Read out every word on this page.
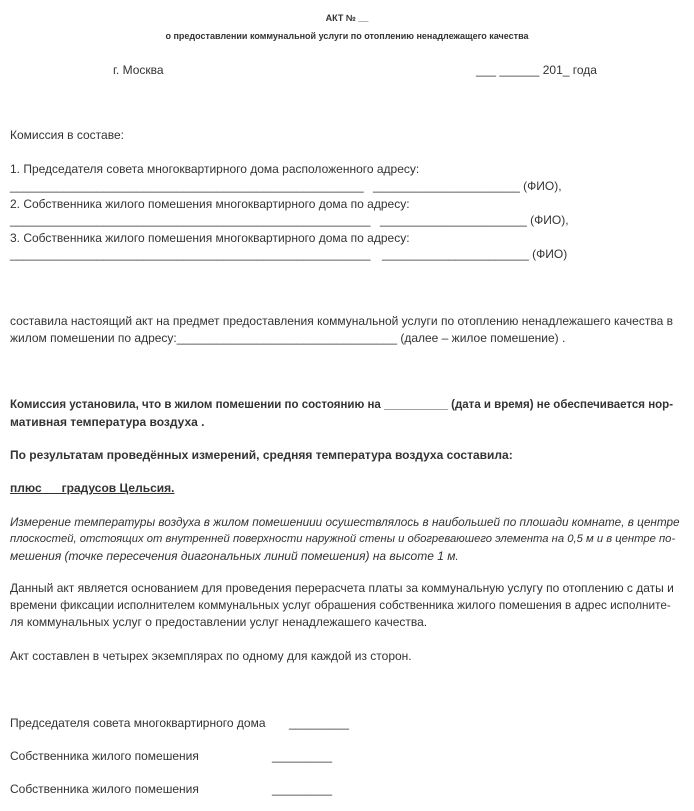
АКТ № __
о предоставлении коммунальной услуги по отоплению ненадлежащего качества
г. Москва	___ ______ 201_ года
Комиссия в составе:
1. Председателя совета многоквартирного дома расположенного адресу:
_____________________________________________________ ______________________ (ФИО),
2. Собственника жилого помешения многоквартирного дома по адресу:
______________________________________________________ ______________________ (ФИО),
3. Собственника жилого помешения многоквартирного дома по адресу:
______________________________________________________ ______________________ (ФИО)
составила настоящий акт на предмет предоставления коммунальной услуги по отоплению ненадлежашего качества в
жилом помешении по адресу:_________________________________ (далее – жилое помешение) .
Комиссия установила, что в жилом помешении по состоянию на __________ (дата и время) не обеспечивается нор-
мативная температура воздуха .
По результатам проведённых измерений, средняя температура воздуха составила:
плюс __ градусов Цельсия.
Измерение температуры воздуха в жилом помешениии осушествлялось в наибольшей по плошади комнате, в центре
плоскостей, отстоящих от внутренней поверхности наружной стены и обогреваюшего элемента на 0,5 м и в центре по-
мешения (точке пересечения диагональных линий помешения) на высоте 1 м.
Данный акт является основанием для проведения перерасчета платы за коммунальную услугу по отоплению с даты и
времени фиксации исполнителем коммунальных услуг обрашения собственника жилого помешения в адрес исполните-
ля коммунальных услуг о предоставлении услуг ненадлежашего качества.
Акт составлен в четырех экземплярах по одному для каждой из сторон.
Председателя совета многоквартирного дома _________
Собственника жилого помешения	_________
Собственника жилого помешения	_________
